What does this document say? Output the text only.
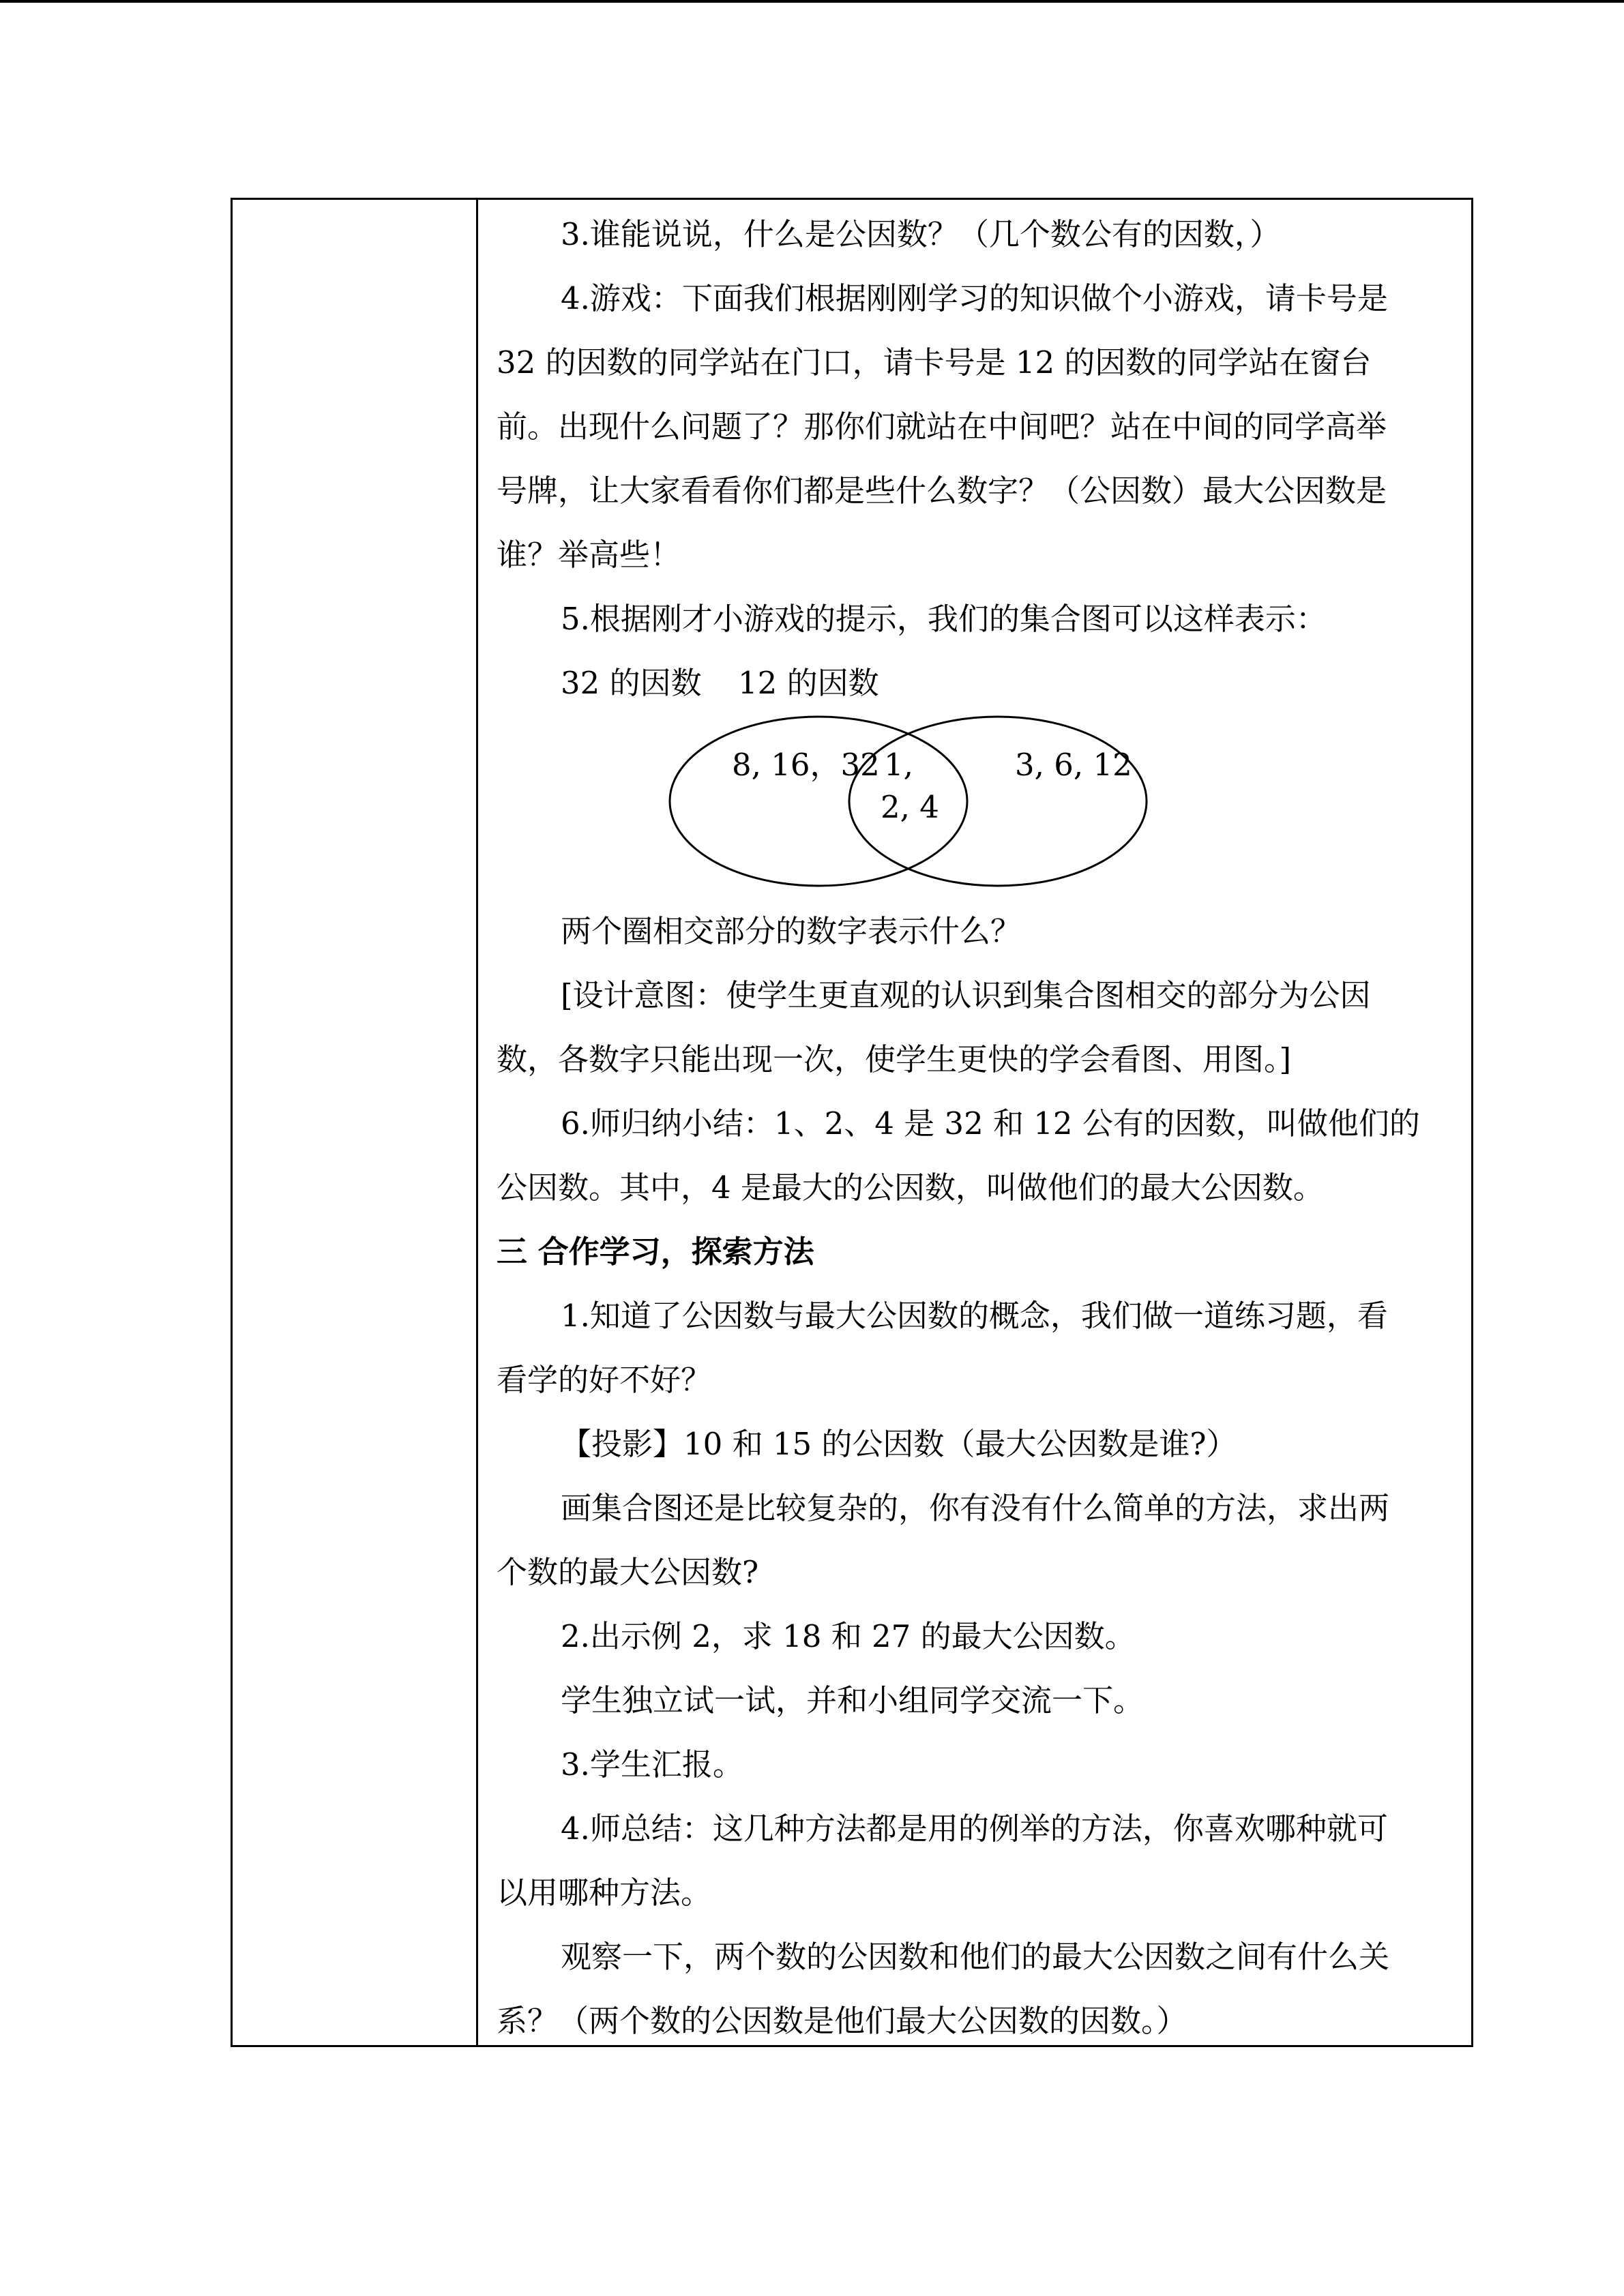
3.谁能说说，什么是公因数？（几个数公有的因数，）
4.游戏：下面我们根据刚刚学习的知识做个小游戏，请卡号是
32 的因数的同学站在门口，请卡号是 12 的因数的同学站在窗台
前。出现什么问题了？那你们就站在中间吧？站在中间的同学高举
号牌，让大家看看你们都是些什么数字？（公因数）最大公因数是
谁？举高些！
5.根据刚才小游戏的提示，我们的集合图可以这样表示：
32 的因数	12 的因数
8, 16，32 1,
2, 4
3, 6, 12
两个圈相交部分的数字表示什么？
[设计意图：使学生更直观的认识到集合图相交的部分为公因
数，各数字只能出现一次，使学生更快的学会看图、用图。]
6.师归纳小结：1、2、4 是 32 和 12 公有的因数，叫做他们的
公因数。其中，4 是最大的公因数，叫做他们的最大公因数。
三 合作学习，探索方法
1.知道了公因数与最大公因数的概念，我们做一道练习题，看
看学的好不好？
【投影】10 和 15 的公因数（最大公因数是谁?）
画集合图还是比较复杂的，你有没有什么简单的方法，求出两
个数的最大公因数?
2.出示例 2，求 18 和 27 的最大公因数。
学生独立试一试，并和小组同学交流一下。
3.学生汇报。
4.师总结：这几种方法都是用的例举的方法，你喜欢哪种就可
以用哪种方法。
观察一下，两个数的公因数和他们的最大公因数之间有什么关
系？（两个数的公因数是他们最大公因数的因数。）
